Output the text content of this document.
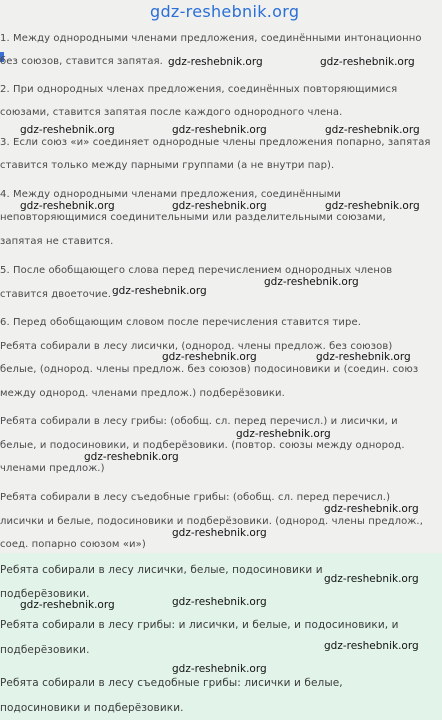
gdz-reshebnik.org
1. Между однородными членами предложения, соединёнными интонационно
без союзов, ставится запятая.
2. При однородных членах предложения, соединённых повторяющимися
союзами, ставится запятая после каждого однородного члена.
3. Если союз «и» соединяет однородные члены предложения попарно, запятая
ставится только между парными группами (а не внутри пар).
4. Между однородными членами предложения, соединёнными
неповторяющимися соединительными или разделительными союзами,
запятая не ставится.
5. После обобщающего слова перед перечислением однородных членов
ставится двоеточие.
6. Перед обобщающим словом после перечисления ставится тире.
Ребята собирали в лесу лисички, (однород. члены предлож. без союзов)
белые, (однород. члены предлож. без союзов) подосиновики и (соедин. союз
между однород. членами предлож.) подберёзовики.
Ребята собирали в лесу грибы: (обобщ. сл. перед перечисл.) и лисички, и
белые, и подосиновики, и подберёзовики. (повтор. союзы между однород.
членами предлож.)
Ребята собирали в лесу съедобные грибы: (обобщ. сл. перед перечисл.)
лисички и белые, подосиновики и подберёзовики. (однород. члены предлож.,
соед. попарно союзом «и»)
Ребята собирали в лесу лисички, белые, подосиновики и
подберёзовики.
Ребята собирали в лесу грибы: и лисички, и белые, и подосиновики, и
подберёзовики.
Ребята собирали в лесу съедобные грибы: лисички и белые,
подосиновики и подберёзовики.
gdz-reshebnik.org	gdz-reshebnik.org
gdz-reshebnik.org	gdz-reshebnik.org	gdz-reshebnik.org
gdz-reshebnik.org	gdz-reshebnik.org	gdz-reshebnik.org
gdz-reshebnik.org
gdz-reshebnik.org
gdz-reshebnik.org	gdz-reshebnik.org
gdz-reshebnik.org
gdz-reshebnik.org
gdz-reshebnik.org
gdz-reshebnik.org
gdz-reshebnik.org
gdz-reshebnik.org	gdz-reshebnik.org
gdz-reshebnik.org
gdz-reshebnik.org
